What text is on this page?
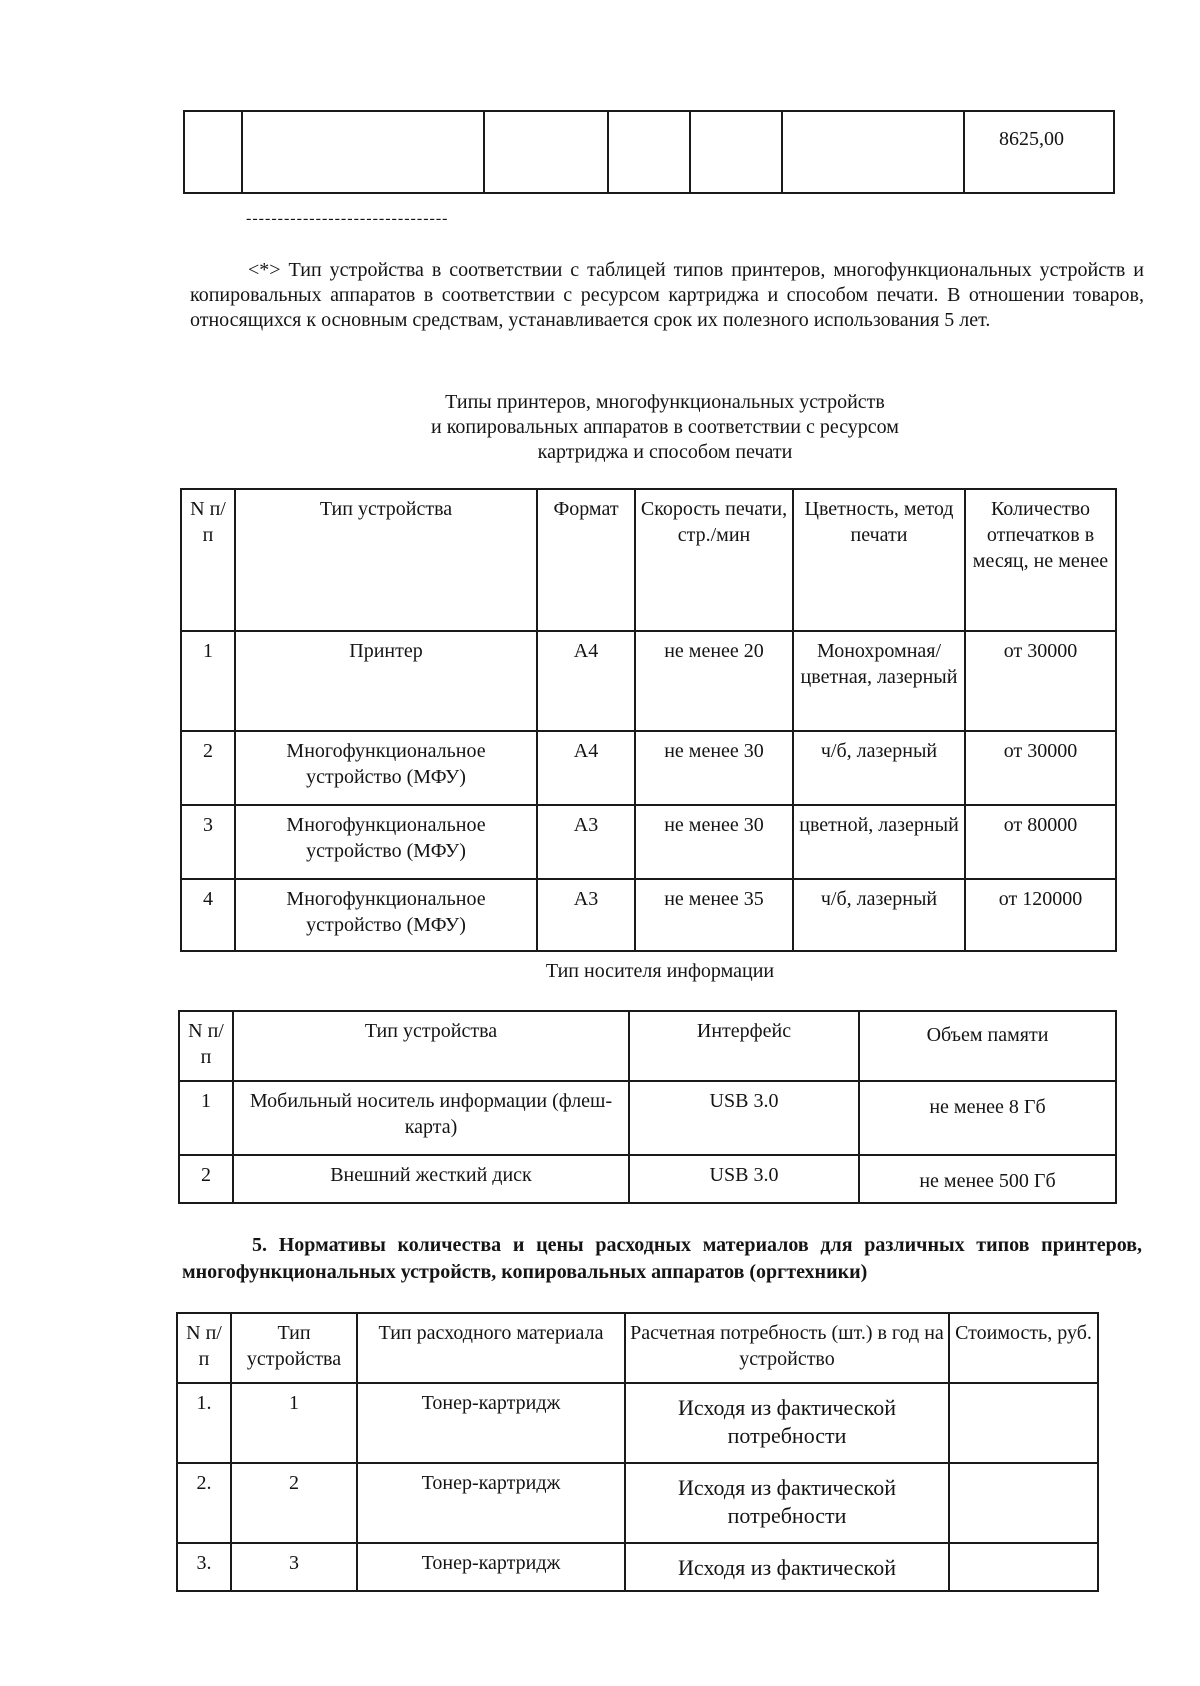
						8625,00
--------------------------------
<*> Тип устройства в соответствии с таблицей типов принтеров, многофункциональных устройств и копировальных аппаратов в соответствии с ресурсом картриджа и способом печати. В отношении товаров, относящихся к основным средствам, устанавливается срок их полезного использования 5 лет.
Типы принтеров, многофункциональных устройств
и копировальных аппаратов в соответствии с ресурсом
картриджа и способом печати
N п/п	Тип устройства	Формат	Скорость печати, стр./мин	Цветность, метод печати	Количество отпечатков в месяц, не менее
1	Принтер	А4	не менее 20	Монохромная/цветная, лазерный	от 30000
2	Многофункциональное устройство (МФУ)	А4	не менее 30	ч/б, лазерный	от 30000
3	Многофункциональное устройство (МФУ)	А3	не менее 30	цветной, лазерный	от 80000
4	Многофункциональное устройство (МФУ)	А3	не менее 35	ч/б, лазерный	от 120000
Тип носителя информации
N п/п	Тип устройства	Интерфейс	Объем памяти
1	Мобильный носитель информации (флеш-карта)	USB 3.0	не менее 8 Гб
2	Внешний жесткий диск	USB 3.0	не менее 500 Гб
5. Нормативы количества и цены расходных материалов для различных типов принтеров, многофункциональных устройств, копировальных аппаратов (оргтехники)
N п/п	Тип устройства	Тип расходного материала	Расчетная потребность (шт.) в год на устройство	Стоимость, руб.
1.	1	Тонер-картридж	Исходя из фактической потребности	
2.	2	Тонер-картридж	Исходя из фактической потребности	
3.	3	Тонер-картридж	Исходя из фактической	
